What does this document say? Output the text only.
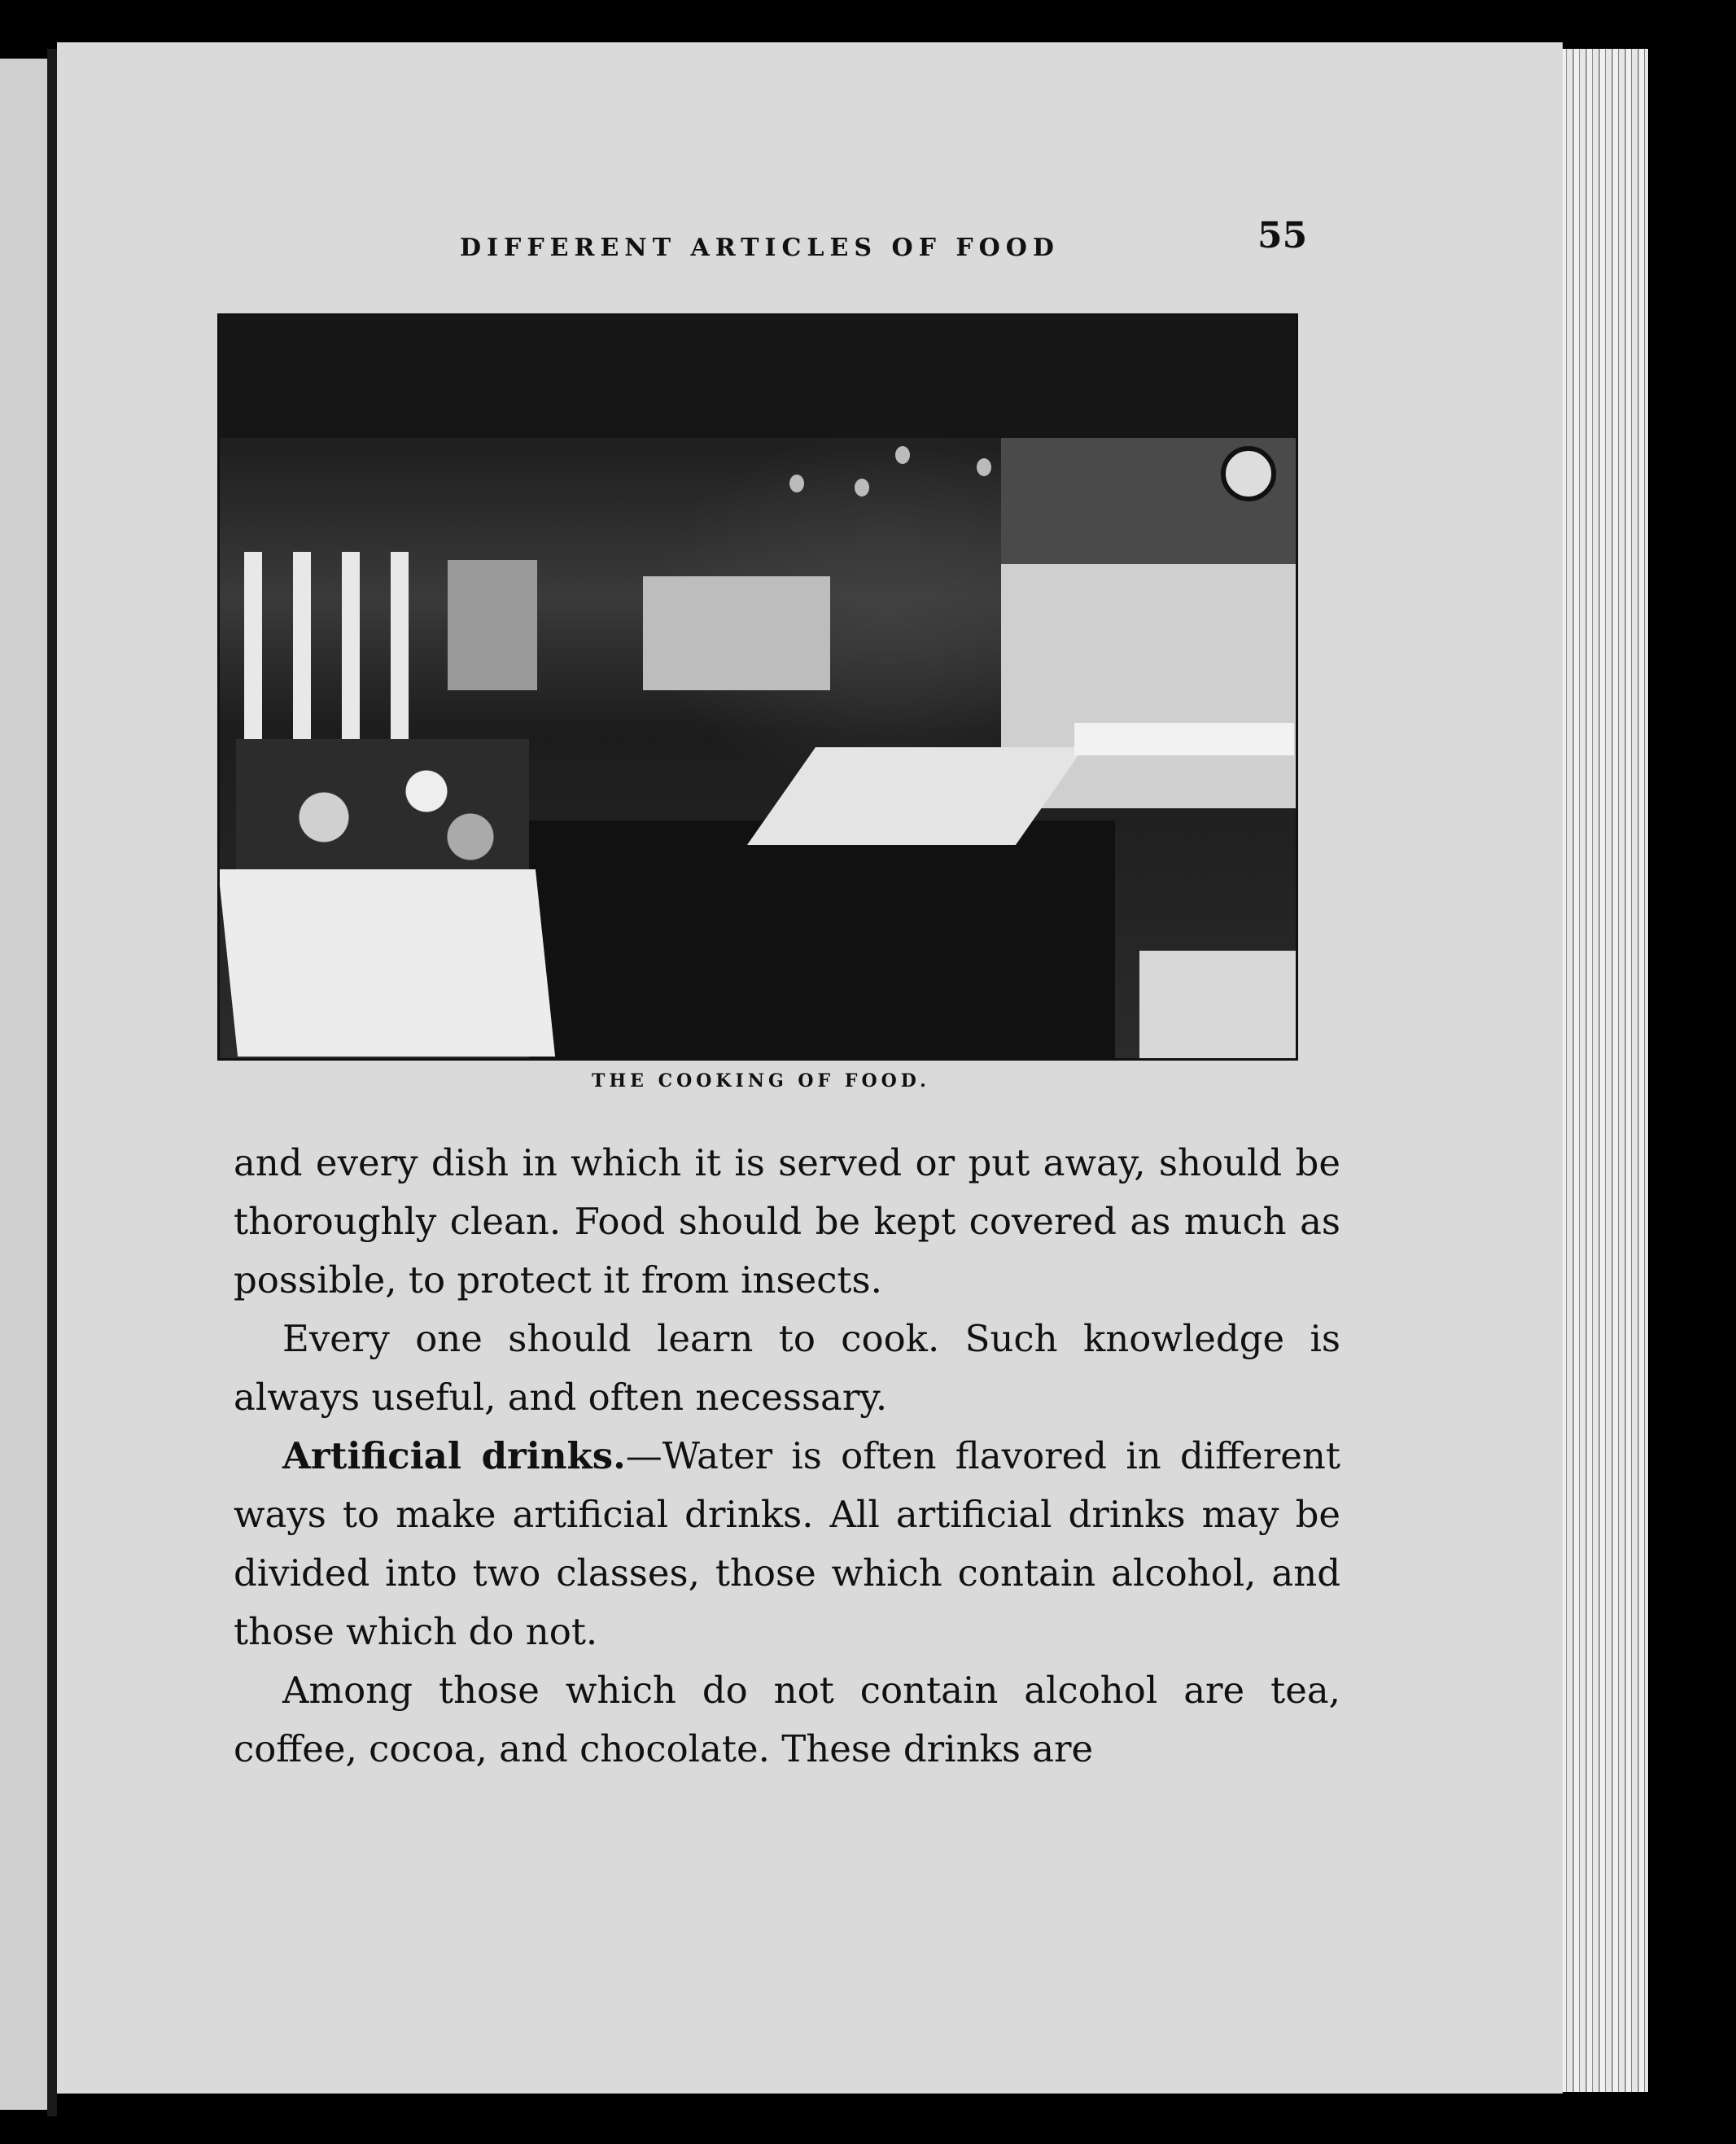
DIFFERENT ARTICLES OF FOOD	55
THE COOKING OF FOOD.

and every dish in which it is served or put away, should be thoroughly clean. Food should be kept covered as much as possible, to protect it from insects.

Every one should learn to cook. Such knowledge is always useful, and often necessary.

Artificial drinks.—Water is often flavored in different ways to make artificial drinks. All artificial drinks may be divided into two classes, those which contain alcohol, and those which do not.

Among those which do not contain alcohol are tea, coffee, cocoa, and chocolate. These drinks are
